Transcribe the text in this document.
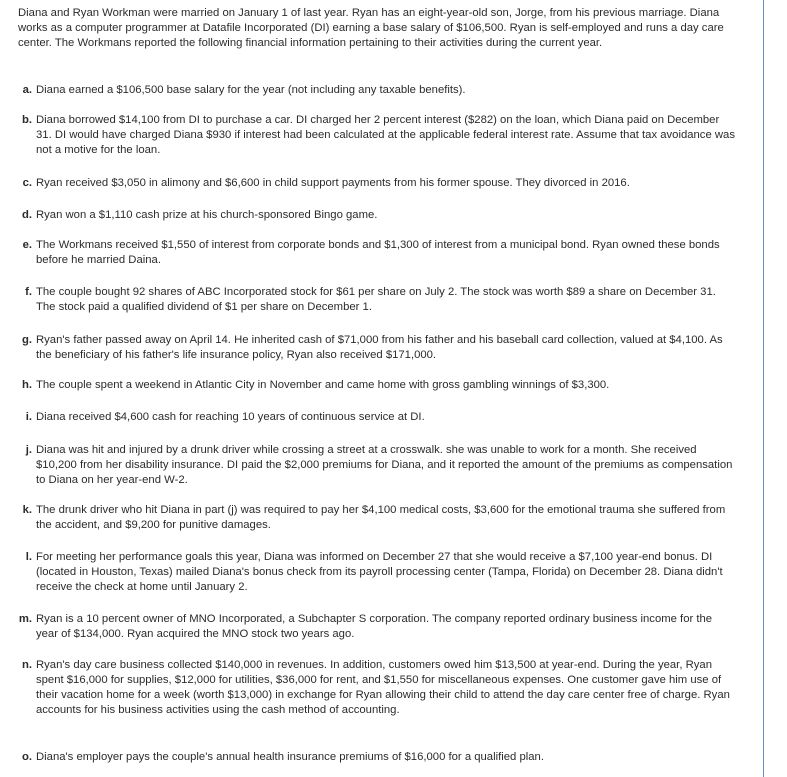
Diana and Ryan Workman were married on January 1 of last year. Ryan has an eight-year-old son, Jorge, from his previous marriage. Diana works as a computer programmer at Datafile Incorporated (DI) earning a base salary of $106,500. Ryan is self-employed and runs a day care center. The Workmans reported the following financial information pertaining to their activities during the current year.

a. Diana earned a $106,500 base salary for the year (not including any taxable benefits).
b. Diana borrowed $14,100 from DI to purchase a car. DI charged her 2 percent interest ($282) on the loan, which Diana paid on December 31. DI would have charged Diana $930 if interest had been calculated at the applicable federal interest rate. Assume that tax avoidance was not a motive for the loan.
c. Ryan received $3,050 in alimony and $6,600 in child support payments from his former spouse. They divorced in 2016.
d. Ryan won a $1,110 cash prize at his church-sponsored Bingo game.
e. The Workmans received $1,550 of interest from corporate bonds and $1,300 of interest from a municipal bond. Ryan owned these bonds before he married Daina.
f. The couple bought 92 shares of ABC Incorporated stock for $61 per share on July 2. The stock was worth $89 a share on December 31. The stock paid a qualified dividend of $1 per share on December 1.
g. Ryan's father passed away on April 14. He inherited cash of $71,000 from his father and his baseball card collection, valued at $4,100. As the beneficiary of his father's life insurance policy, Ryan also received $171,000.
h. The couple spent a weekend in Atlantic City in November and came home with gross gambling winnings of $3,300.
i. Diana received $4,600 cash for reaching 10 years of continuous service at DI.
j. Diana was hit and injured by a drunk driver while crossing a street at a crosswalk. she was unable to work for a month. She received $10,200 from her disability insurance. DI paid the $2,000 premiums for Diana, and it reported the amount of the premiums as compensation to Diana on her year-end W-2.
k. The drunk driver who hit Diana in part (j) was required to pay her $4,100 medical costs, $3,600 for the emotional trauma she suffered from the accident, and $9,200 for punitive damages.
l. For meeting her performance goals this year, Diana was informed on December 27 that she would receive a $7,100 year-end bonus. DI (located in Houston, Texas) mailed Diana's bonus check from its payroll processing center (Tampa, Florida) on December 28. Diana didn't receive the check at home until January 2.
m. Ryan is a 10 percent owner of MNO Incorporated, a Subchapter S corporation. The company reported ordinary business income for the year of $134,000. Ryan acquired the MNO stock two years ago.
n. Ryan's day care business collected $140,000 in revenues. In addition, customers owed him $13,500 at year-end. During the year, Ryan spent $16,000 for supplies, $12,000 for utilities, $36,000 for rent, and $1,550 for miscellaneous expenses. One customer gave him use of their vacation home for a week (worth $13,000) in exchange for Ryan allowing their child to attend the day care center free of charge. Ryan accounts for his business activities using the cash method of accounting.
o. Diana's employer pays the couple's annual health insurance premiums of $16,000 for a qualified plan.
